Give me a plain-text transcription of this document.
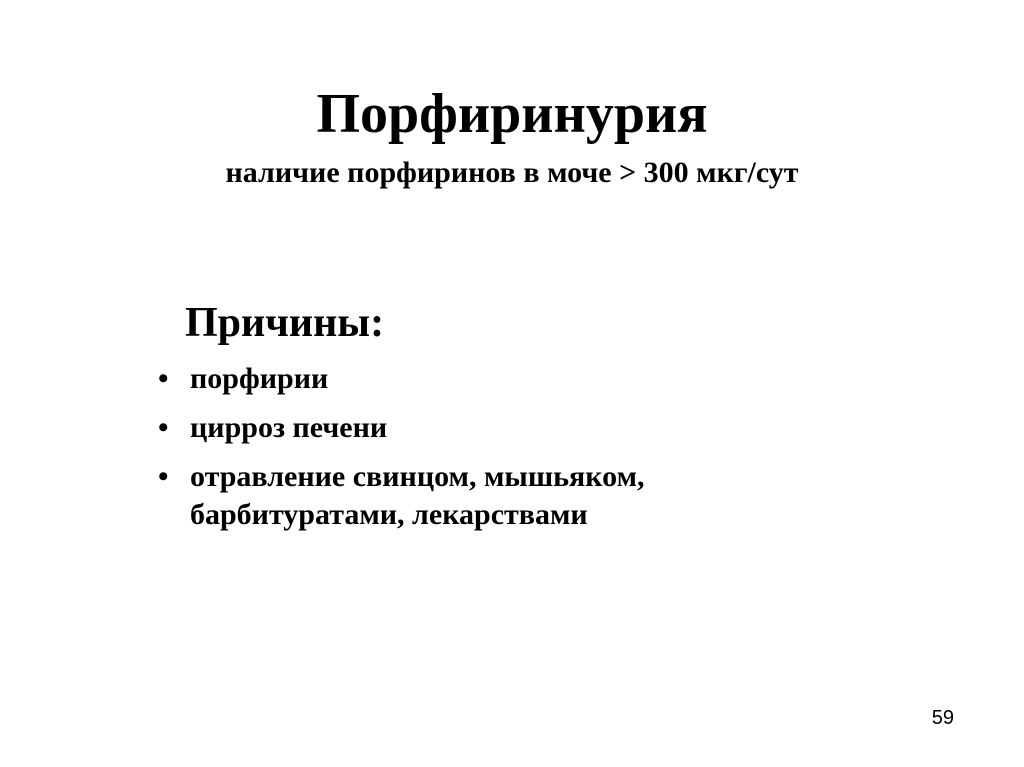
Порфиринурия

наличие порфиринов в моче > 300 мкг/сут

Причины:

• порфирии
• цирроз печени
• отравление свинцом, мышьяком,
барбитуратами, лекарствами
59
